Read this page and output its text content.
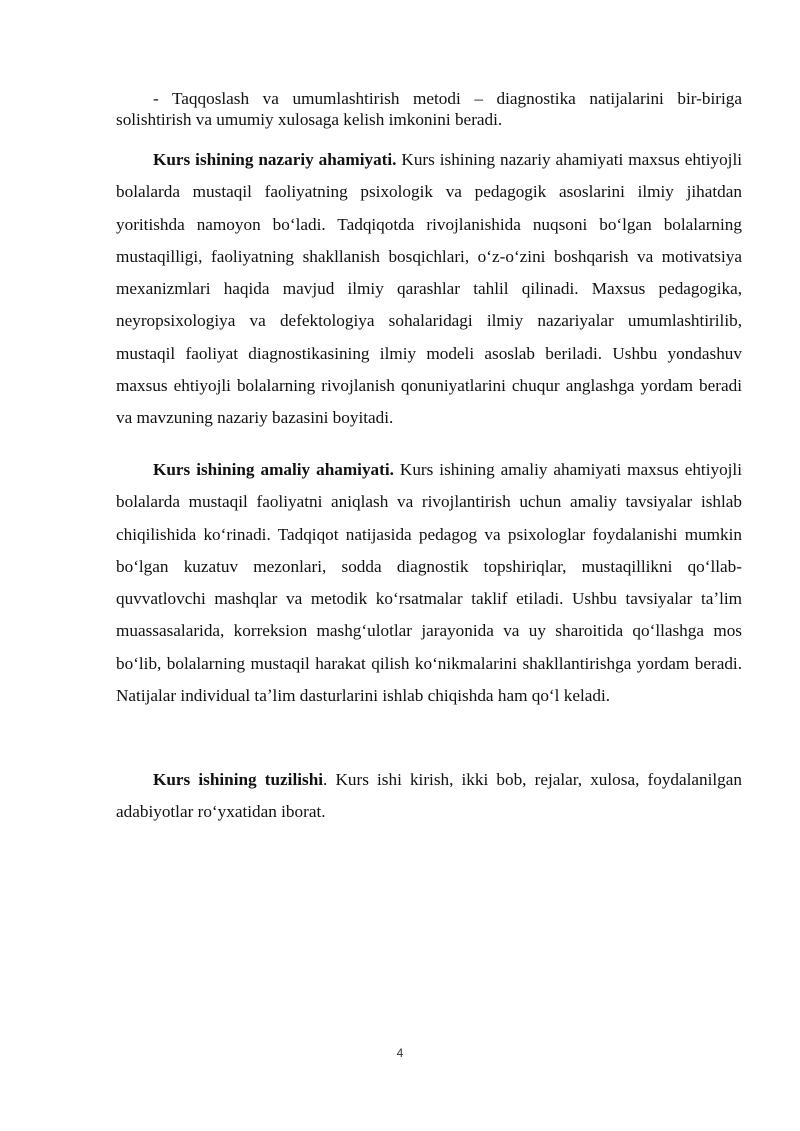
- Taqqoslash va umumlashtirish metodi – diagnostika natijalarini bir-biriga solishtirish va umumiy xulosaga kelish imkonini beradi.

Kurs ishining nazariy ahamiyati. Kurs ishining nazariy ahamiyati maxsus ehtiyojli bolalarda mustaqil faoliyatning psixologik va pedagogik asoslarini ilmiy jihatdan yoritishda namoyon boʻladi. Tadqiqotda rivojlanishida nuqsoni boʻlgan bolalarning mustaqilligi, faoliyatning shakllanish bosqichlari, oʻz-oʻzini boshqarish va motivatsiya mexanizmlari haqida mavjud ilmiy qarashlar tahlil qilinadi. Maxsus pedagogika, neyropsixologiya va defektologiya sohalaridagi ilmiy nazariyalar umumlashtirilib, mustaqil faoliyat diagnostikasining ilmiy modeli asoslab beriladi. Ushbu yondashuv maxsus ehtiyojli bolalarning rivojlanish qonuniyatlarini chuqur anglashga yordam beradi va mavzuning nazariy bazasini boyitadi.

Kurs ishining amaliy ahamiyati. Kurs ishining amaliy ahamiyati maxsus ehtiyojli bolalarda mustaqil faoliyatni aniqlash va rivojlantirish uchun amaliy tavsiyalar ishlab chiqilishida koʻrinadi. Tadqiqot natijasida pedagog va psixologlar foydalanishi mumkin boʻlgan kuzatuv mezonlari, sodda diagnostik topshiriqlar, mustaqillikni qoʻllab-quvvatlovchi mashqlar va metodik koʻrsatmalar taklif etiladi. Ushbu tavsiyalar taʼlim muassasalarida, korreksion mashgʻulotlar jarayonida va uy sharoitida qoʻllashga mos boʻlib, bolalarning mustaqil harakat qilish koʻnikmalarini shakllantirishga yordam beradi. Natijalar individual taʼlim dasturlarini ishlab chiqishda ham qoʻl keladi.

Kurs ishining tuzilishi. Kurs ishi kirish, ikki bob, rejalar, xulosa, foydalanilgan adabiyotlar roʻyxatidan iborat.

4
